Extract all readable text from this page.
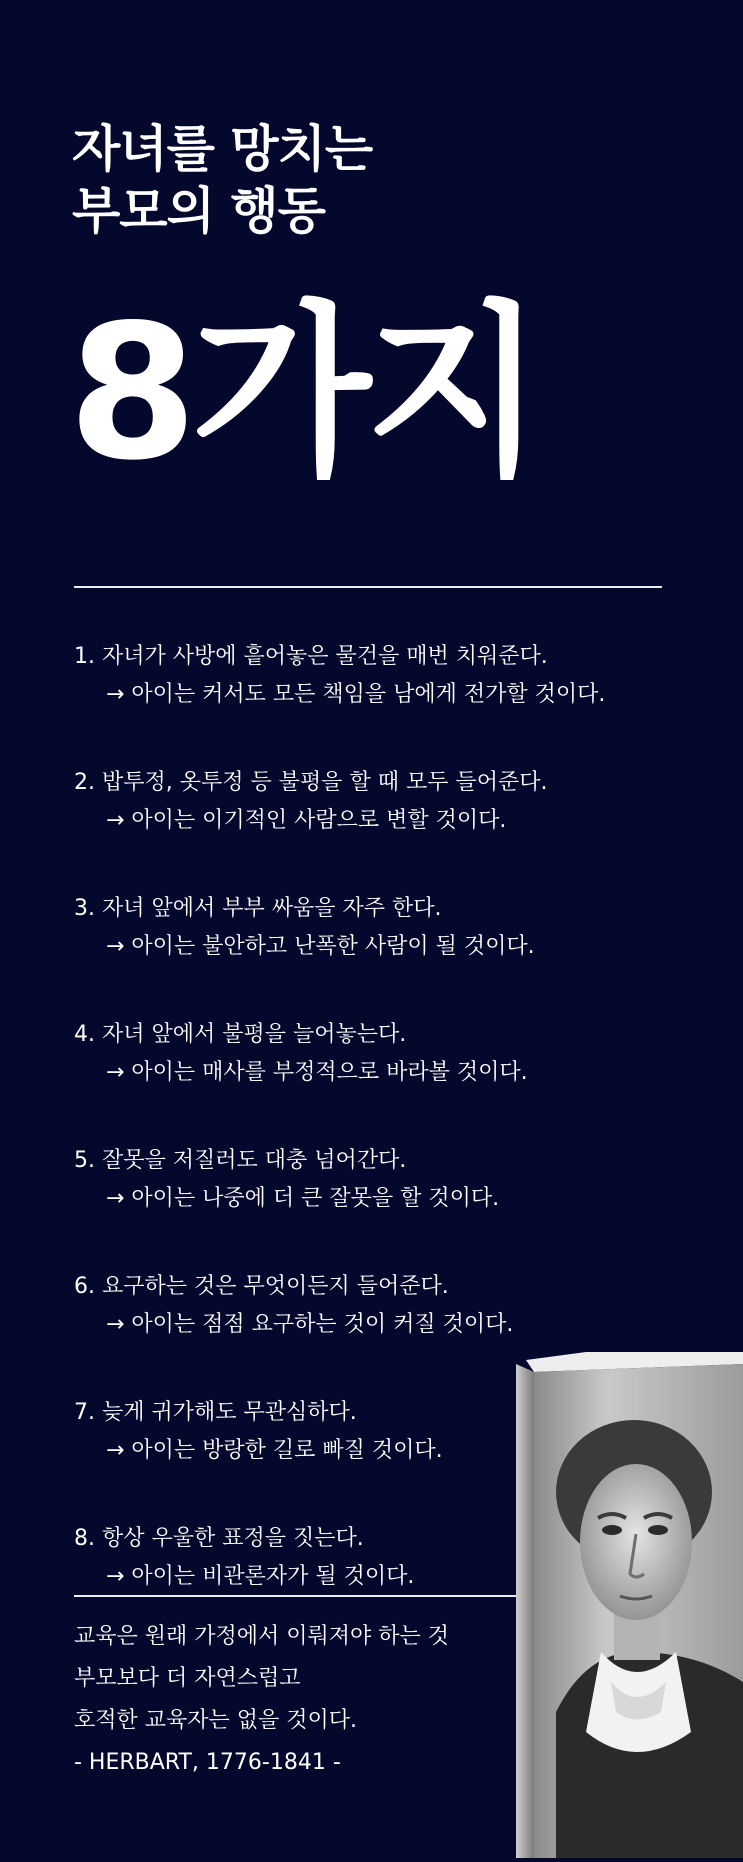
자녀를 망치는
부모의 행동
8가지
1. 자녀가 사방에 흩어놓은 물건을 매번 치워준다.
→ 아이는 커서도 모든 책임을 남에게 전가할 것이다.
2. 밥투정, 옷투정 등 불평을 할 때 모두 들어준다.
→ 아이는 이기적인 사람으로 변할 것이다.
3. 자녀 앞에서 부부 싸움을 자주 한다.
→ 아이는 불안하고 난폭한 사람이 될 것이다.
4. 자녀 앞에서 불평을 늘어놓는다.
→ 아이는 매사를 부정적으로 바라볼 것이다.
5. 잘못을 저질러도 대충 넘어간다.
→ 아이는 나중에 더 큰 잘못을 할 것이다.
6. 요구하는 것은 무엇이든지 들어준다.
→ 아이는 점점 요구하는 것이 커질 것이다.
7. 늦게 귀가해도 무관심하다.
→ 아이는 방랑한 길로 빠질 것이다.
8. 항상 우울한 표정을 짓는다.
→ 아이는 비관론자가 될 것이다.
교육은 원래 가정에서 이뤄져야 하는 것
부모보다 더 자연스럽고
호적한 교육자는 없을 것이다.
- HERBART, 1776-1841 -
